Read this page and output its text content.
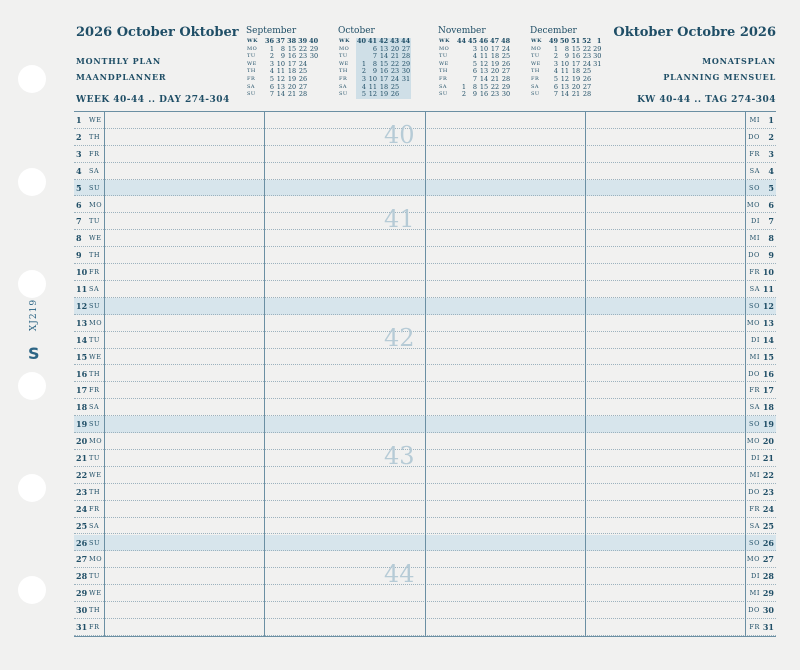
XJ219
S
2026 October Oktober	Oktober Octobre 2026
MONTHLY PLAN
MAANDPLANNER
MONATSPLAN
PLANNING MENSUEL
WEEK 40-44 .. DAY 274-304	KW 40-44 .. TAG 274-304
September
WK	36	37	38	39	40
MO	1	8	15	22	29
TU	2	9	16	23	30
WE	3	10	17	24	
TH	4	11	18	25	
FR	5	12	19	26	
SA	6	13	20	27	
SU	7	14	21	28	
October
WK	40	41	42	43	44
MO		6	13	20	27
TU		7	14	21	28
WE	1	8	15	22	29
TH	2	9	16	23	30
FR	3	10	17	24	31
SA	4	11	18	25	
SU	5	12	19	26	
November
WK	44	45	46	47	48
MO		3	10	17	24
TU		4	11	18	25
WE		5	12	19	26
TH		6	13	20	27
FR		7	14	21	28
SA	1	8	15	22	29
SU	2	9	16	23	30
December
WK	49	50	51	52	1
MO	1	8	15	22	29
TU	2	9	16	23	30
WE	3	10	17	24	31
TH	4	11	18	25	
FR	5	12	19	26	
SA	6	13	20	27	
SU	7	14	21	28	
31 FR	FR 31
30 TH	DO 30
29 WE	MI 29
28 TU	DI 28
27 MO	MO 27
26 SU	SO 26
25 SA	SA 25
24 FR	FR 24
23 TH	DO 23
22 WE	MI 22
21 TU	DI 21
20 MO	MO 20
19 SU	SO 19
18 SA	SA 18
17 FR	FR 17
16 TH	DO 16
15 WE	MI 15
14 TU	DI 14
13 MO	MO 13
12 SU	SO 12
11 SA	SA 11
10 FR	FR 10
9	TH	DO 9
8	WE	MI 8
7	TU	DI 7
6	MO	MO 6
5	SU	SO 5
4	SA	SA 4
3	FR	FR 3
2	TH	DO 2
1	WE	MI 1
40
41
42
43
44
